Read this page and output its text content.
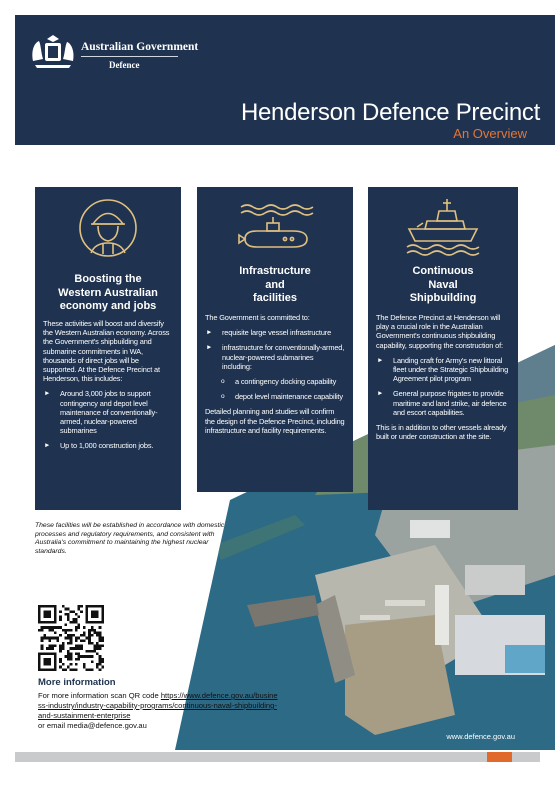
Australian Government
Defence
Henderson Defence Precinct
An Overview
Boosting the
Western Australian
economy and jobs

These activities will boost and diversify the Western Australian economy. Across the Government's shipbuilding and submarine commitments in WA, thousands of direct jobs will be supported. At the Defence Precinct at Henderson, this includes:

► Around 3,000 jobs to support contingency and depot level maintenance of conventionally-armed, nuclear-powered submarines
► Up to 1,000 construction jobs.
Infrastructure
and
facilities

The Government is committed to:

► requisite large vessel infrastructure
► infrastructure for conventionally-armed, nuclear-powered submarines including:
o a contingency docking capability
o depot level maintenance capability

Detailed planning and studies will confirm the design of the Defence Precinct, including infrastructure and facility requirements.

Continuous
Naval
Shipbuilding

The Defence Precinct at Henderson will play a crucial role in the Australian Government's continuous shipbuilding capability, supporting the construction of:

► Landing craft for Army's new littoral fleet under the Strategic Shipbuilding Agreement pilot program
► General purpose frigates to provide maritime and land strike, air defence and escort capabilities.

This is in addition to other vessels already built or under construction at the site.

These facilities will be established in accordance with domestic processes and regulatory requirements, and consistent with Australia's commitment to maintaining the highest nuclear standards.
More information
For more information scan QR code https://www.defence.gov.au/business-industry/industry-capability-programs/continuous-naval-shipbuilding-and-sustainment-enterprise
or email media@defence.gov.au
www.defence.gov.au
